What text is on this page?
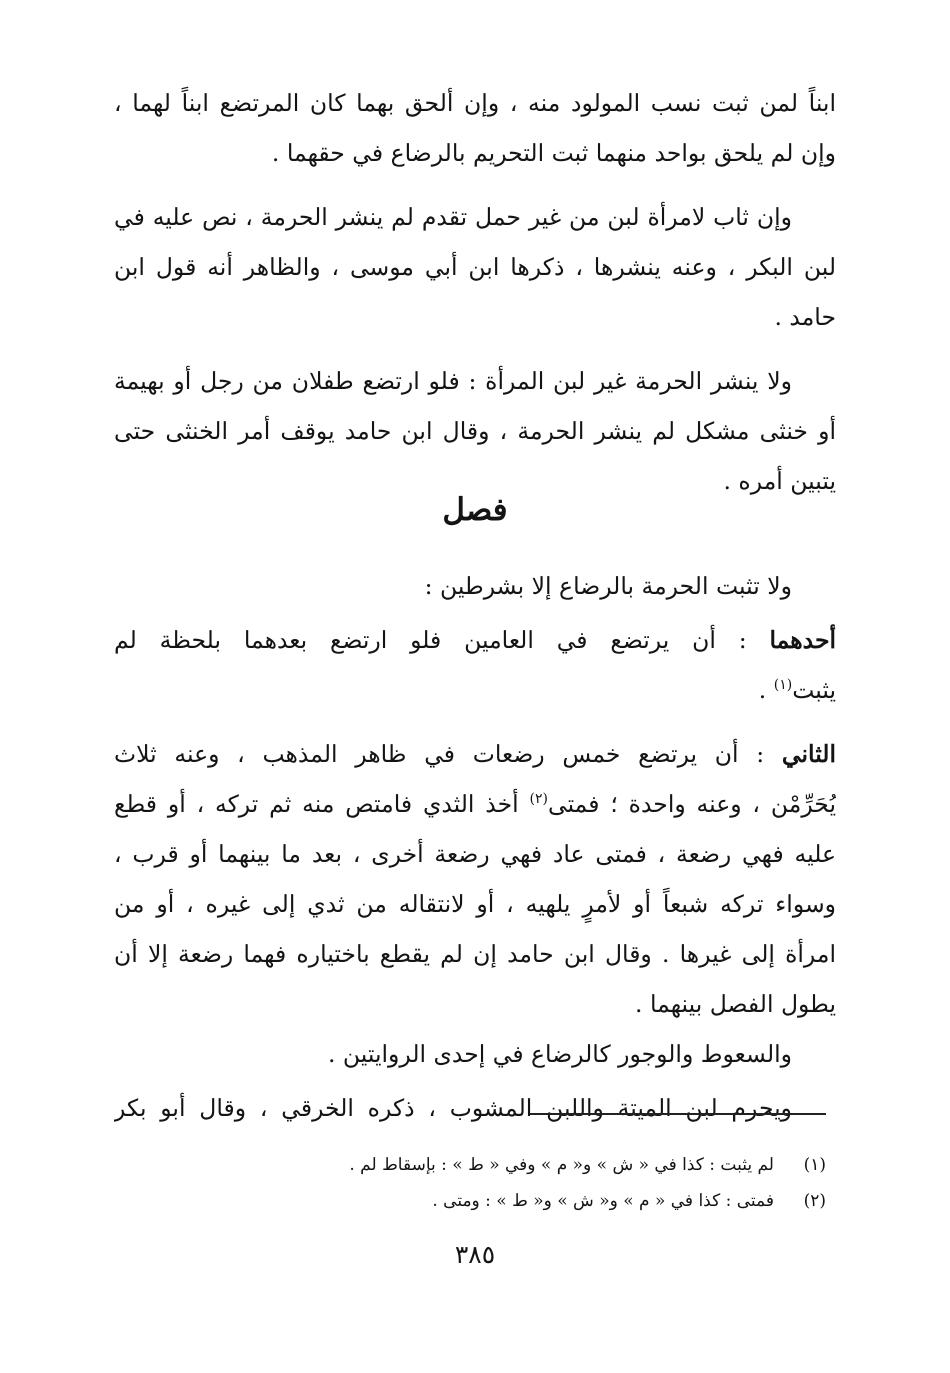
ابناً لمن ثبت نسب المولود منه ، وإن ألحق بهما كان المرتضع ابناً لهما ،
وإن لم يلحق بواحد منهما ثبت التحريم بالرضاع في حقهما .
وإن ثاب لامرأة لبن من غير حمل تقدم لم ينشر الحرمة ، نص عليه في
لبن البكر ، وعنه ينشرها ، ذكرها ابن أبي موسى ، والظاهر أنه قول ابن
حامد .
ولا ينشر الحرمة غير لبن المرأة : فلو ارتضع طفلان من رجل أو بهيمة
أو خنثى مشكل لم ينشر الحرمة ، وقال ابن حامد يوقف أمر الخنثى حتى
يتبين أمره .
فصل
ولا تثبت الحرمة بالرضاع إلا بشرطين :
أحدهما : أن يرتضع في العامين فلو ارتضع بعدهما بلحظة لم
يثبت$^{(١)}$ .
الثاني : أن يرتضع خمس رضعات في ظاهر المذهب ، وعنه ثلاث
يُحَرِّمْن ، وعنه واحدة ؛ فمتى$^{(٢)}$ أخذ الثدي فامتص منه ثم تركه ، أو قطع
عليه فهي رضعة ، فمتى عاد فهي رضعة أخرى ، بعد ما بينهما أو قرب ،
وسواء تركه شبعاً أو لأمرٍ يلهيه ، أو لانتقاله من ثدي إلى غيره ، أو من
امرأة إلى غيرها . وقال ابن حامد إن لم يقطع باختياره فهما رضعة إلا أن
يطول الفصل بينهما .
والسعوط والوجور كالرضاع في إحدى الروايتين .
ويحرم لبن الميتة واللبن المشوب ، ذكره الخرقي ، وقال أبو بكر
(١)لم يثبت : كذا في « ش » و« م » وفي « ط » : بإسقاط لم .
(٢)فمتى : كذا في « م » و« ش » و« ط » : ومتى .
٣٨٥
